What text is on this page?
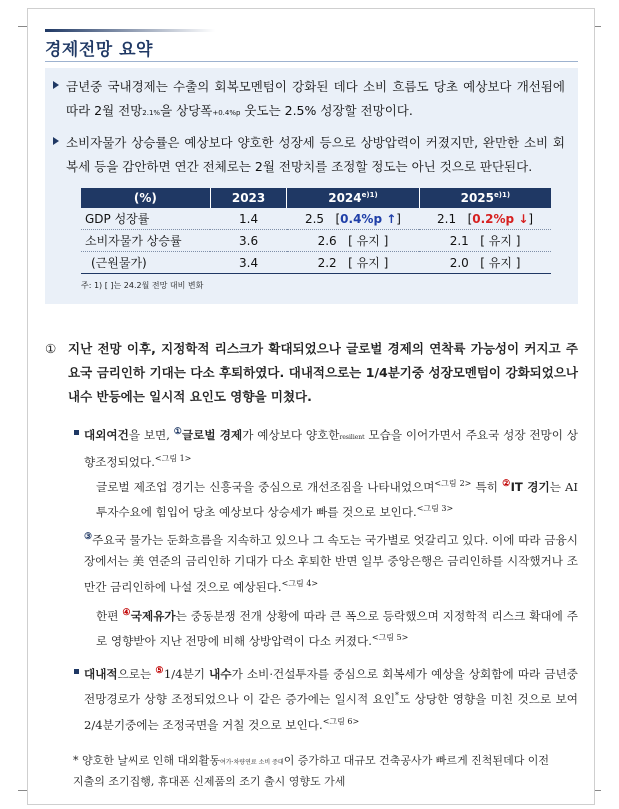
경제전망 요약
금년중 국내경제는 수출의 회복모멘텀이 강화된 데다 소비 흐름도 당초 예상보다 개선됨에 따라 2월 전망2.1%을 상당폭+0.4%p 웃도는 2.5% 성장할 전망이다.
소비자물가 상승률은 예상보다 양호한 성장세 등으로 상방압력이 커졌지만, 완만한 소비 회복세 등을 감안하면 연간 전체로는 2월 전망치를 조정할 정도는 아닌 것으로 판단된다.
(%)	2023	$2024^{e)1)}$	$2025^{e)1)}$
GDP 성장률	1.4	2.5   [0.4%p ↑]	2.1   [0.2%p ↓]
소비자물가 상승률	3.6	2.6   [ 유지 ]	2.1   [ 유지 ]
(근원물가)	3.4	2.2   [ 유지 ]	2.0   [ 유지 ]
주: 1) [ ]는 24.2월 전망 대비 변화
① 지난 전망 이후, 지정학적 리스크가 확대되었으나 글로벌 경제의 연착륙 가능성이 커지고 주요국 금리인하 기대는 다소 후퇴하였다. 대내적으로는 1/4분기중 성장모멘텀이 강화되었으나 내수 반등에는 일시적 요인도 영향을 미쳤다.
대외여건을 보면, ①글로벌 경제가 예상보다 양호한resilient 모습을 이어가면서 주요국 성장 전망이 상향조정되었다.$^{<그림 1>}$
글로벌 제조업 경기는 신흥국을 중심으로 개선조짐을 나타내었으며$^{<그림 2>}$ 특히 ②IT 경기는 AI 투자수요에 힘입어 당초 예상보다 상승세가 빠를 것으로 보인다.$^{<그림 3>}$
③주요국 물가는 둔화흐름을 지속하고 있으나 그 속도는 국가별로 엇갈리고 있다. 이에 따라 금융시장에서는 美 연준의 금리인하 기대가 다소 후퇴한 반면 일부 중앙은행은 금리인하를 시작했거나 조만간 금리인하에 나설 것으로 예상된다.$^{<그림 4>}$
한편 ④국제유가는 중동분쟁 전개 상황에 따라 큰 폭으로 등락했으며 지정학적 리스크 확대에 주로 영향받아 지난 전망에 비해 상방압력이 다소 커졌다.$^{<그림 5>}$
대내적으로는 ⑤1/4분기 내수가 소비·건설투자를 중심으로 회복세가 예상을 상회함에 따라 금년중 전망경로가 상향 조정되었으나 이 같은 증가에는 일시적 요인*도 상당한 영향을 미친 것으로 보여 2/4분기중에는 조정국면을 거칠 것으로 보인다.$^{<그림 6>}$
* 양호한 날씨로 인해 대외활동여가·차량연료 소비 증대이 증가하고 대규모 건축공사가 빠르게 진척된데다 이전지출의 조기집행, 휴대폰 신제품의 조기 출시 영향도 가세
